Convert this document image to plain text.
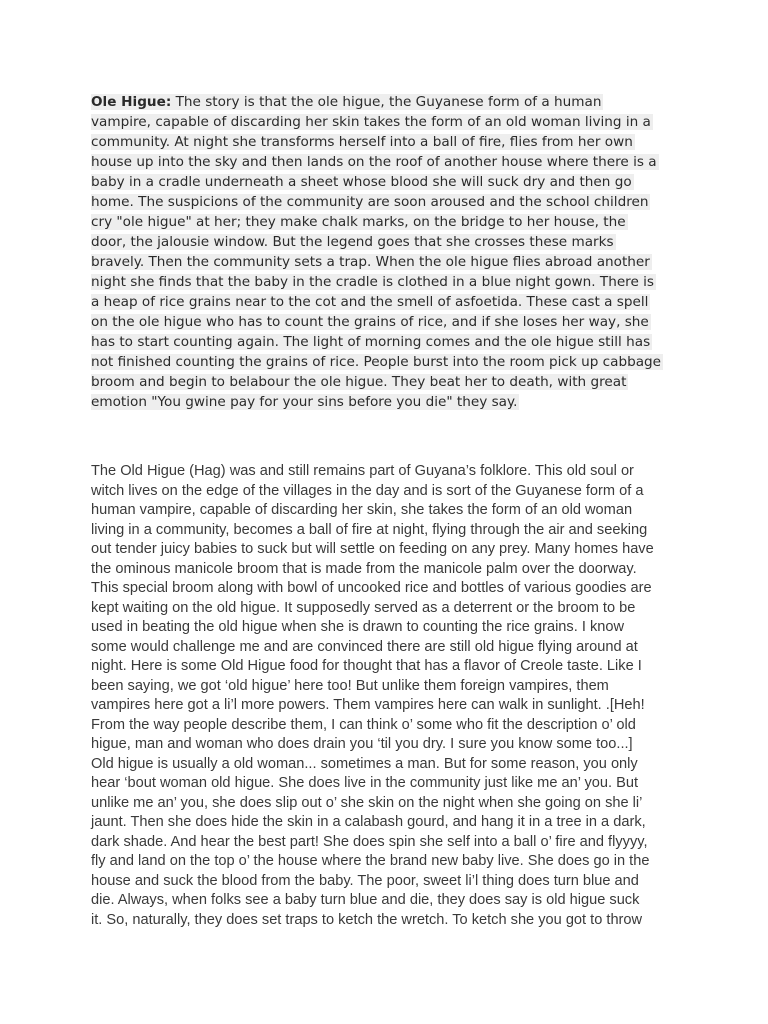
Ole Higue: The story is that the ole higue, the Guyanese form of a human
vampire, capable of discarding her skin takes the form of an old woman living in a
community. At night she transforms herself into a ball of fire, flies from her own
house up into the sky and then lands on the roof of another house where there is a
baby in a cradle underneath a sheet whose blood she will suck dry and then go
home. The suspicions of the community are soon aroused and the school children
cry "ole higue" at her; they make chalk marks, on the bridge to her house, the
door, the jalousie window. But the legend goes that she crosses these marks
bravely. Then the community sets a trap. When the ole higue flies abroad another
night she finds that the baby in the cradle is clothed in a blue night gown. There is
a heap of rice grains near to the cot and the smell of asfoetida. These cast a spell
on the ole higue who has to count the grains of rice, and if she loses her way, she
has to start counting again. The light of morning comes and the ole higue still has
not finished counting the grains of rice. People burst into the room pick up cabbage
broom and begin to belabour the ole higue. They beat her to death, with great
emotion "You gwine pay for your sins before you die" they say.
The Old Higue (Hag) was and still remains part of Guyana’s folklore. This old soul or
witch lives on the edge of the villages in the day and is sort of the Guyanese form of a
human vampire, capable of discarding her skin, she takes the form of an old woman
living in a community, becomes a ball of fire at night, flying through the air and seeking
out tender juicy babies to suck but will settle on feeding on any prey. Many homes have
the ominous manicole broom that is made from the manicole palm over the doorway.
This special broom along with bowl of uncooked rice and bottles of various goodies are
kept waiting on the old higue. It supposedly served as a deterrent or the broom to be
used in beating the old higue when she is drawn to counting the rice grains. I know
some would challenge me and are convinced there are still old higue flying around at
night. Here is some Old Higue food for thought that has a flavor of Creole taste. Like I
been saying, we got ‘old higue’ here too! But unlike them foreign vampires, them
vampires here got a li’l more powers. Them vampires here can walk in sunlight. .[Heh!
From the way people describe them, I can think o’ some who fit the description o’ old
higue, man and woman who does drain you ‘til you dry. I sure you know some too...]
Old higue is usually a old woman... sometimes a man. But for some reason, you only
hear ‘bout woman old higue. She does live in the community just like me an’ you. But
unlike me an’ you, she does slip out o’ she skin on the night when she going on she li’
jaunt. Then she does hide the skin in a calabash gourd, and hang it in a tree in a dark,
dark shade. And hear the best part! She does spin she self into a ball o’ fire and flyyyy,
fly and land on the top o’ the house where the brand new baby live. She does go in the
house and suck the blood from the baby. The poor, sweet li’l thing does turn blue and
die. Always, when folks see a baby turn blue and die, they does say is old higue suck
it. So, naturally, they does set traps to ketch the wretch. To ketch she you got to throw
